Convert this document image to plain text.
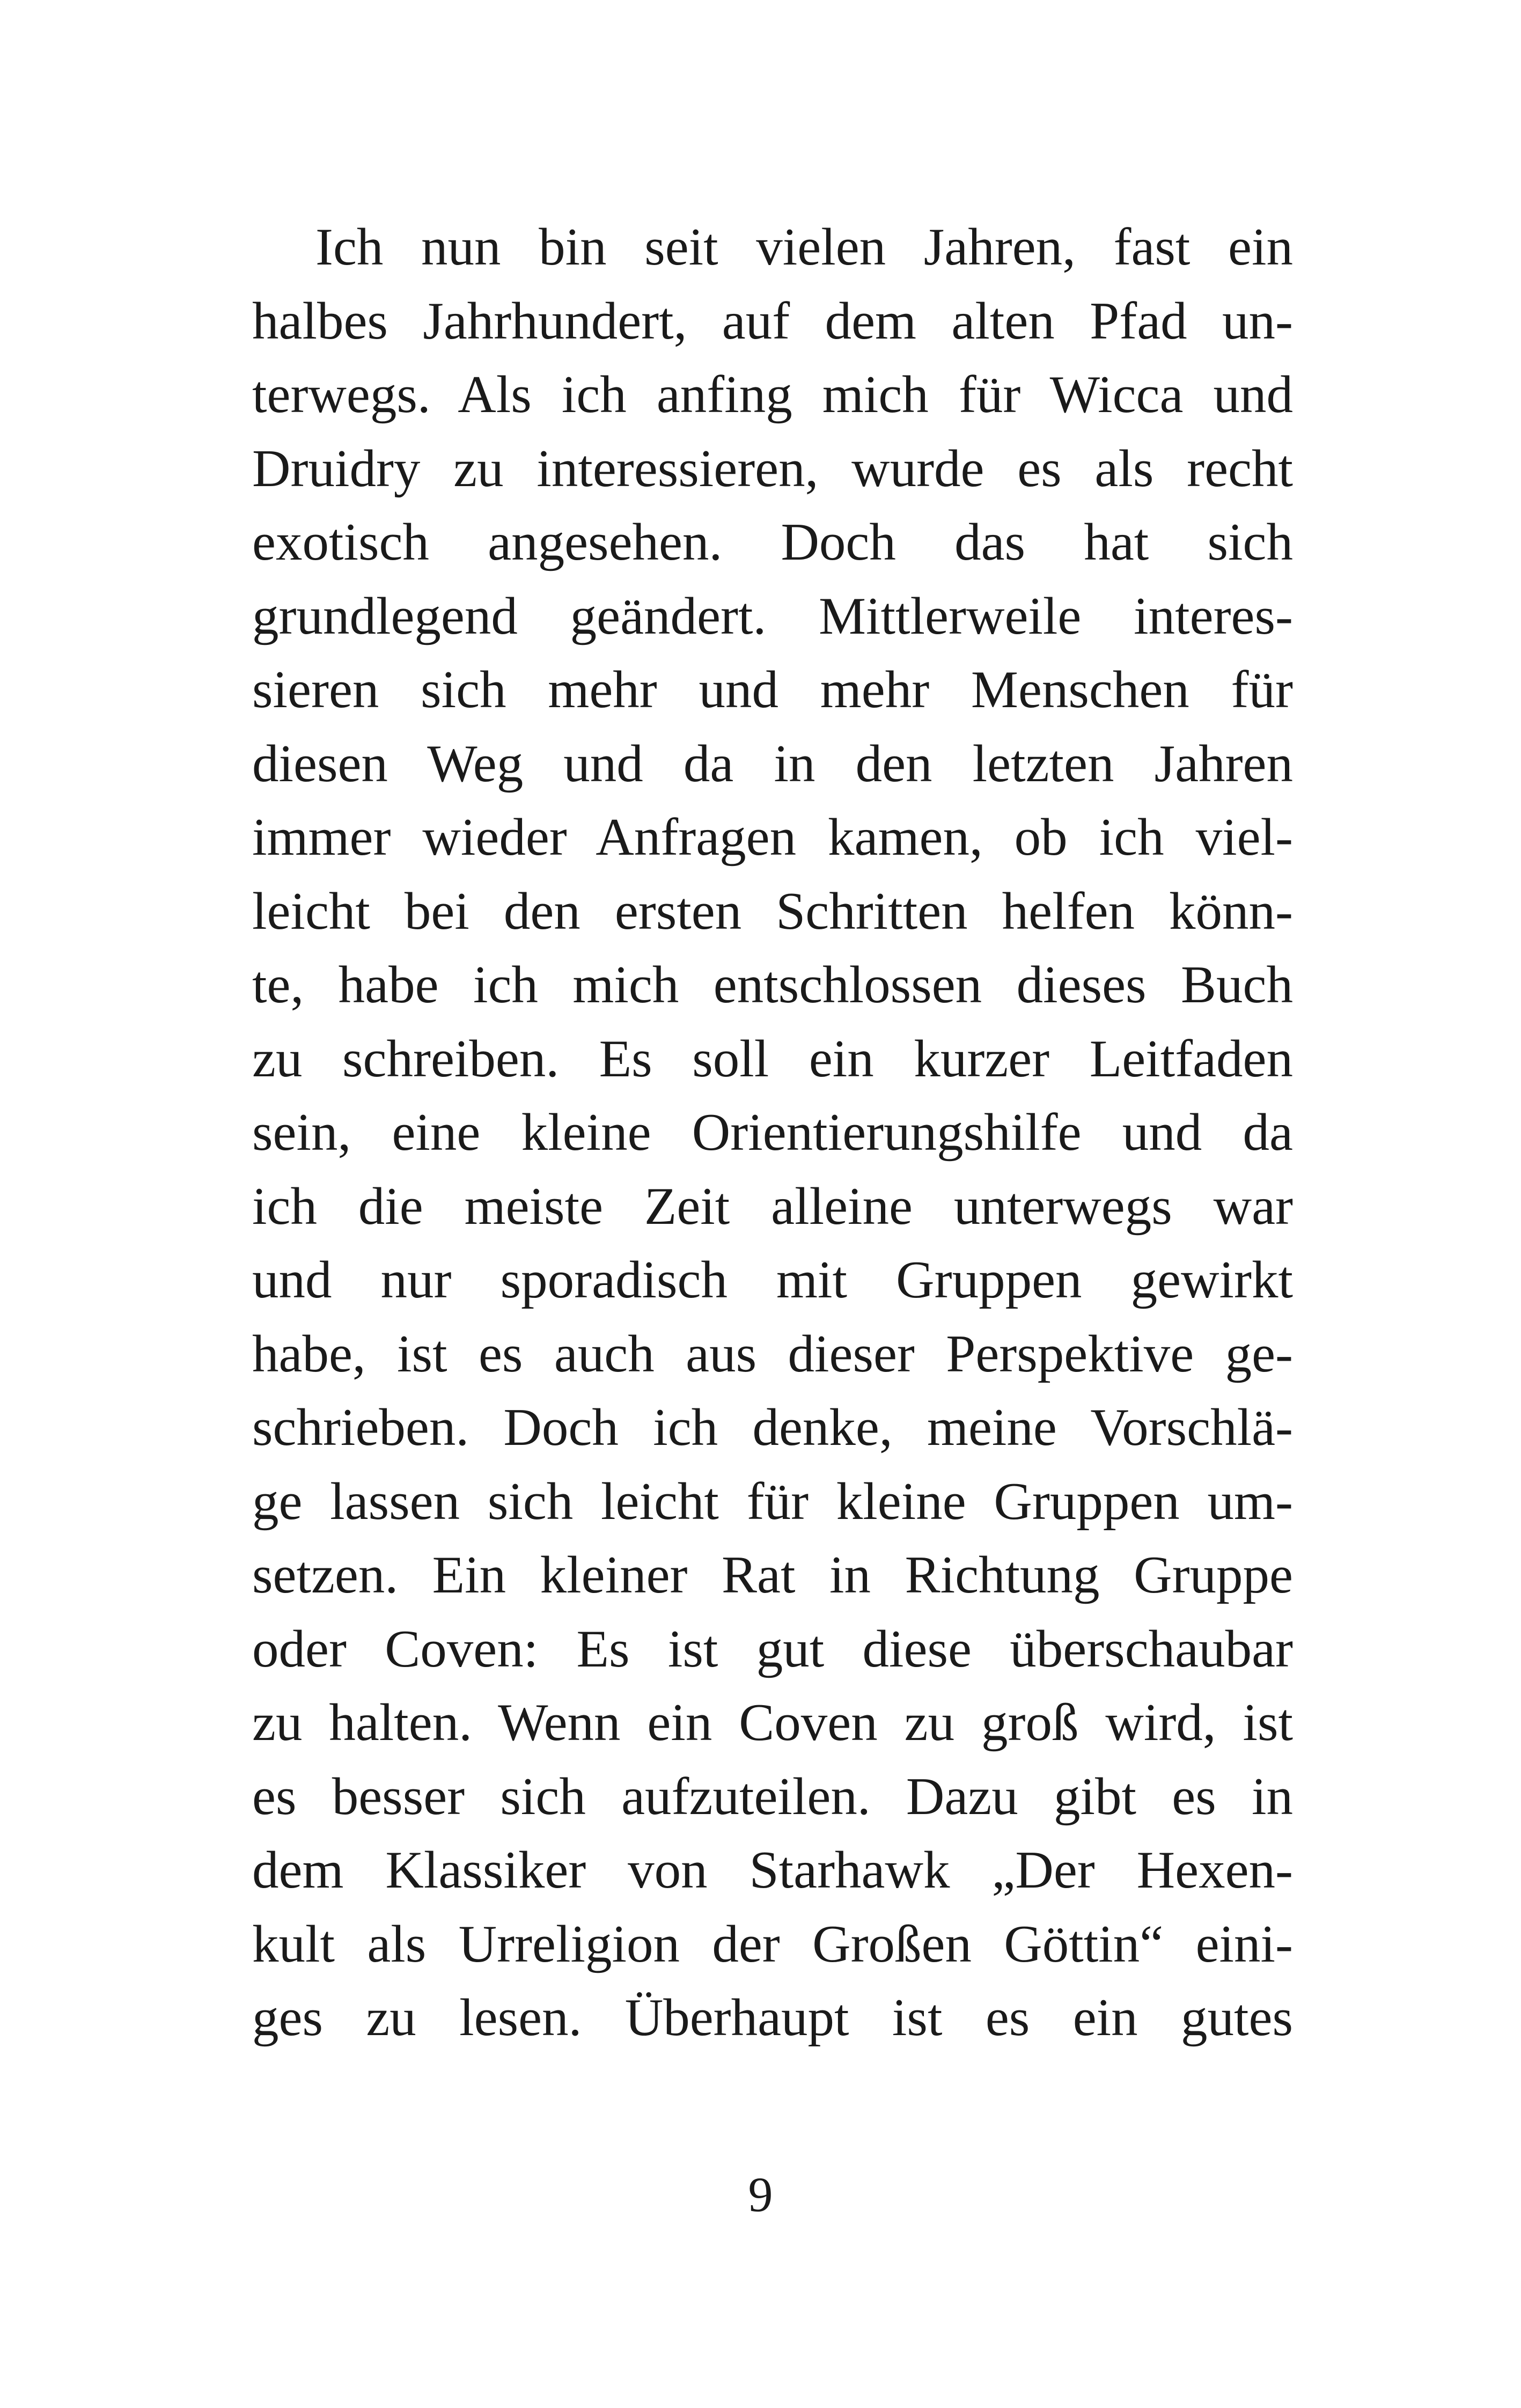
Ich nun bin seit vielen Jahren, fast ein
halbes Jahrhundert, auf dem alten Pfad un-
terwegs. Als ich anfing mich für Wicca und
Druidry zu interessieren, wurde es als recht
exotisch angesehen. Doch das hat sich
grundlegend geändert. Mittlerweile interes-
sieren sich mehr und mehr Menschen für
diesen Weg und da in den letzten Jahren
immer wieder Anfragen kamen, ob ich viel-
leicht bei den ersten Schritten helfen könn-
te, habe ich mich entschlossen dieses Buch
zu schreiben. Es soll ein kurzer Leitfaden
sein, eine kleine Orientierungshilfe und da
ich die meiste Zeit alleine unterwegs war
und nur sporadisch mit Gruppen gewirkt
habe, ist es auch aus dieser Perspektive ge-
schrieben. Doch ich denke, meine Vorschlä-
ge lassen sich leicht für kleine Gruppen um-
setzen. Ein kleiner Rat in Richtung Gruppe
oder Coven: Es ist gut diese überschaubar
zu halten. Wenn ein Coven zu groß wird, ist
es besser sich aufzuteilen. Dazu gibt es in
dem Klassiker von Starhawk „Der Hexen-
kult als Urreligion der Großen Göttin“ eini-
ges zu lesen. Überhaupt ist es ein gutes
9
